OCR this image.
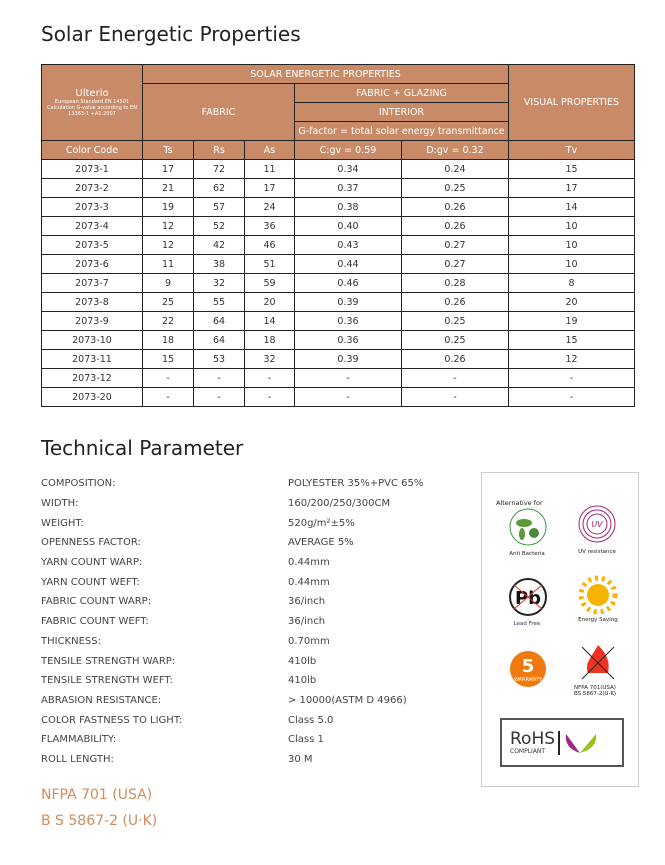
Solar Energetic Properties
Ulterio
European Standard EN 14501 Calculation G-value according to EN 13363-1 +A1:2007	SOLAR ENERGETIC PROPERTIES					VISUAL PROPERTIES
	FABRIC			FABRIC + GLAZING		
				INTERIOR		
				G-factor = total solar energy transmittance		
Color Code	Ts	Rs	As	C:gv = 0.59	D:gv = 0.32	Tv
2073-1	17	72	11	0.34	0.24	15
2073-2	21	62	17	0.37	0.25	17
2073-3	19	57	24	0.38	0.26	14
2073-4	12	52	36	0.40	0.26	10
2073-5	12	42	46	0.43	0.27	10
2073-6	11	38	51	0.44	0.27	10
2073-7	9	32	59	0.46	0.28	8
2073-8	25	55	20	0.39	0.26	20
2073-9	22	64	14	0.36	0.25	19
2073-10	18	64	18	0.36	0.25	15
2073-11	15	53	32	0.39	0.26	12
2073-12	-	-	-	-	-	-
2073-20	-	-	-	-	-	-
Technical Parameter
COMPOSITION:	POLYESTER 35%+PVC 65%
WIDTH:	160/200/250/300CM
WEIGHT:	520g/m²±5%
OPENNESS FACTOR:	AVERAGE 5%
YARN COUNT WARP:	0.44mm
YARN COUNT WEFT:	0.44mm
FABRIC COUNT WARP:	36/inch
FABRIC COUNT WEFT:	36/inch
THICKNESS:	0.70mm
TENSILE STRENGTH WARP:	410lb
TENSILE STRENGTH WEFT:	410lb
ABRASION RESISTANCE:	> 10000(ASTM D 4966)
COLOR FASTNESS TO LIGHT:	Class 5.0
FLAMMABILITY:	Class 1
ROLL LENGTH:	30 M
NFPA 701 (USA)
B S 5867-2 (U·K)
Alternative for
Anti Bacteria
UV
UV resistance
Pb
Lead Free
Energy Saving
5
WARRANTY
NFPA 701(USA) BS 5867-2(U·K)
RoHS
COMPLIANT
